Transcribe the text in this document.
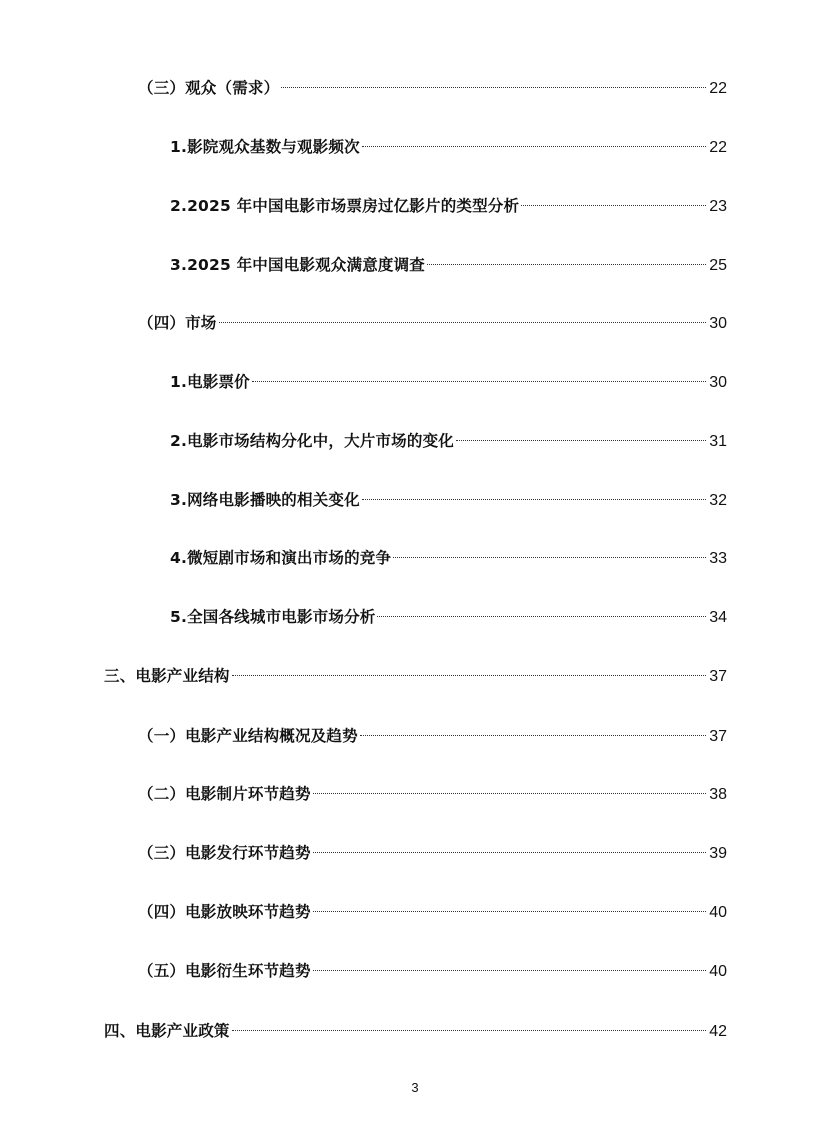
（三）观众（需求）	22
1.影院观众基数与观影频次	22
2.2025 年中国电影市场票房过亿影片的类型分析	23
3.2025 年中国电影观众满意度调查	25
（四）市场	30
1.电影票价	30
2.电影市场结构分化中，大片市场的变化	31
3.网络电影播映的相关变化	32
4.微短剧市场和演出市场的竞争	33
5.全国各线城市电影市场分析	34
三、电影产业结构	37
（一）电影产业结构概况及趋势	37
（二）电影制片环节趋势	38
（三）电影发行环节趋势	39
（四）电影放映环节趋势	40
（五）电影衍生环节趋势	40
四、电影产业政策	42
3
